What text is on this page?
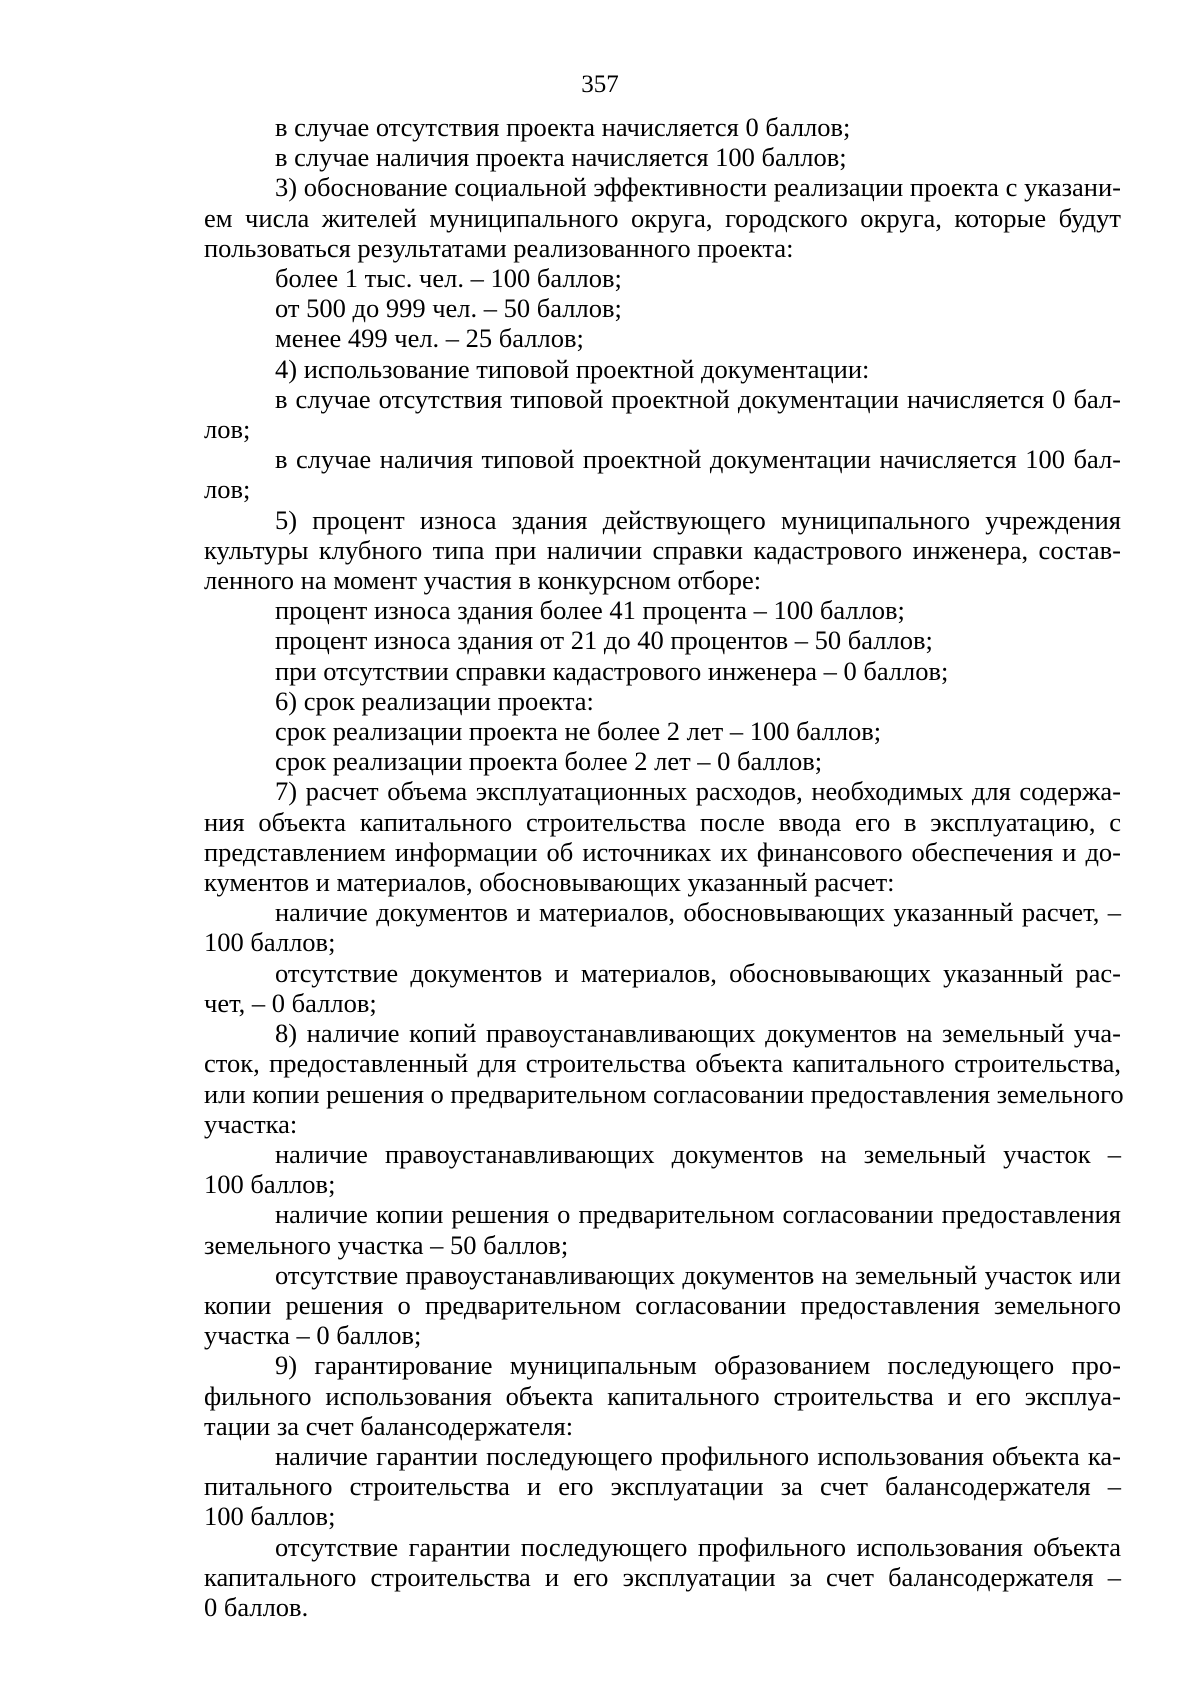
357

в случае отсутствия проекта начисляется 0 баллов;

в случае наличия проекта начисляется 100 баллов;

3) обоснование социальной эффективности реализации проекта с указани-
ем числа жителей муниципального округа, городского округа, которые будут
пользоваться результатами реализованного проекта:

более 1 тыс. чел. – 100 баллов;

от 500 до 999 чел. – 50 баллов;

менее 499 чел. – 25 баллов;

4) использование типовой проектной документации:

в случае отсутствия типовой проектной документации начисляется 0 бал-
лов;

в случае наличия типовой проектной документации начисляется 100 бал-
лов;

5) процент износа здания действующего муниципального учреждения
культуры клубного типа при наличии справки кадастрового инженера, состав-
ленного на момент участия в конкурсном отборе:

процент износа здания более 41 процента – 100 баллов;

процент износа здания от 21 до 40 процентов – 50 баллов;

при отсутствии справки кадастрового инженера – 0 баллов;

6) срок реализации проекта:

срок реализации проекта не более 2 лет – 100 баллов;

срок реализации проекта более 2 лет – 0 баллов;

7) расчет объема эксплуатационных расходов, необходимых для содержа-
ния объекта капитального строительства после ввода его в эксплуатацию, с
представлением информации об источниках их финансового обеспечения и до-
кументов и материалов, обосновывающих указанный расчет:

наличие документов и материалов, обосновывающих указанный расчет, –
100 баллов;

отсутствие документов и материалов, обосновывающих указанный рас-
чет, – 0 баллов;

8) наличие копий правоустанавливающих документов на земельный уча-
сток, предоставленный для строительства объекта капитального строительства,
или копии решения о предварительном согласовании предоставления земельного
участка:

наличие правоустанавливающих документов на земельный участок –
100 баллов;

наличие копии решения о предварительном согласовании предоставления
земельного участка – 50 баллов;

отсутствие правоустанавливающих документов на земельный участок или
копии решения о предварительном согласовании предоставления земельного
участка – 0 баллов;

9) гарантирование муниципальным образованием последующего про-
фильного использования объекта капитального строительства и его эксплуа-
тации за счет балансодержателя:

наличие гарантии последующего профильного использования объекта ка-
питального строительства и его эксплуатации за счет балансодержателя –
100 баллов;

отсутствие гарантии последующего профильного использования объекта
капитального строительства и его эксплуатации за счет балансодержателя –
0 баллов.
